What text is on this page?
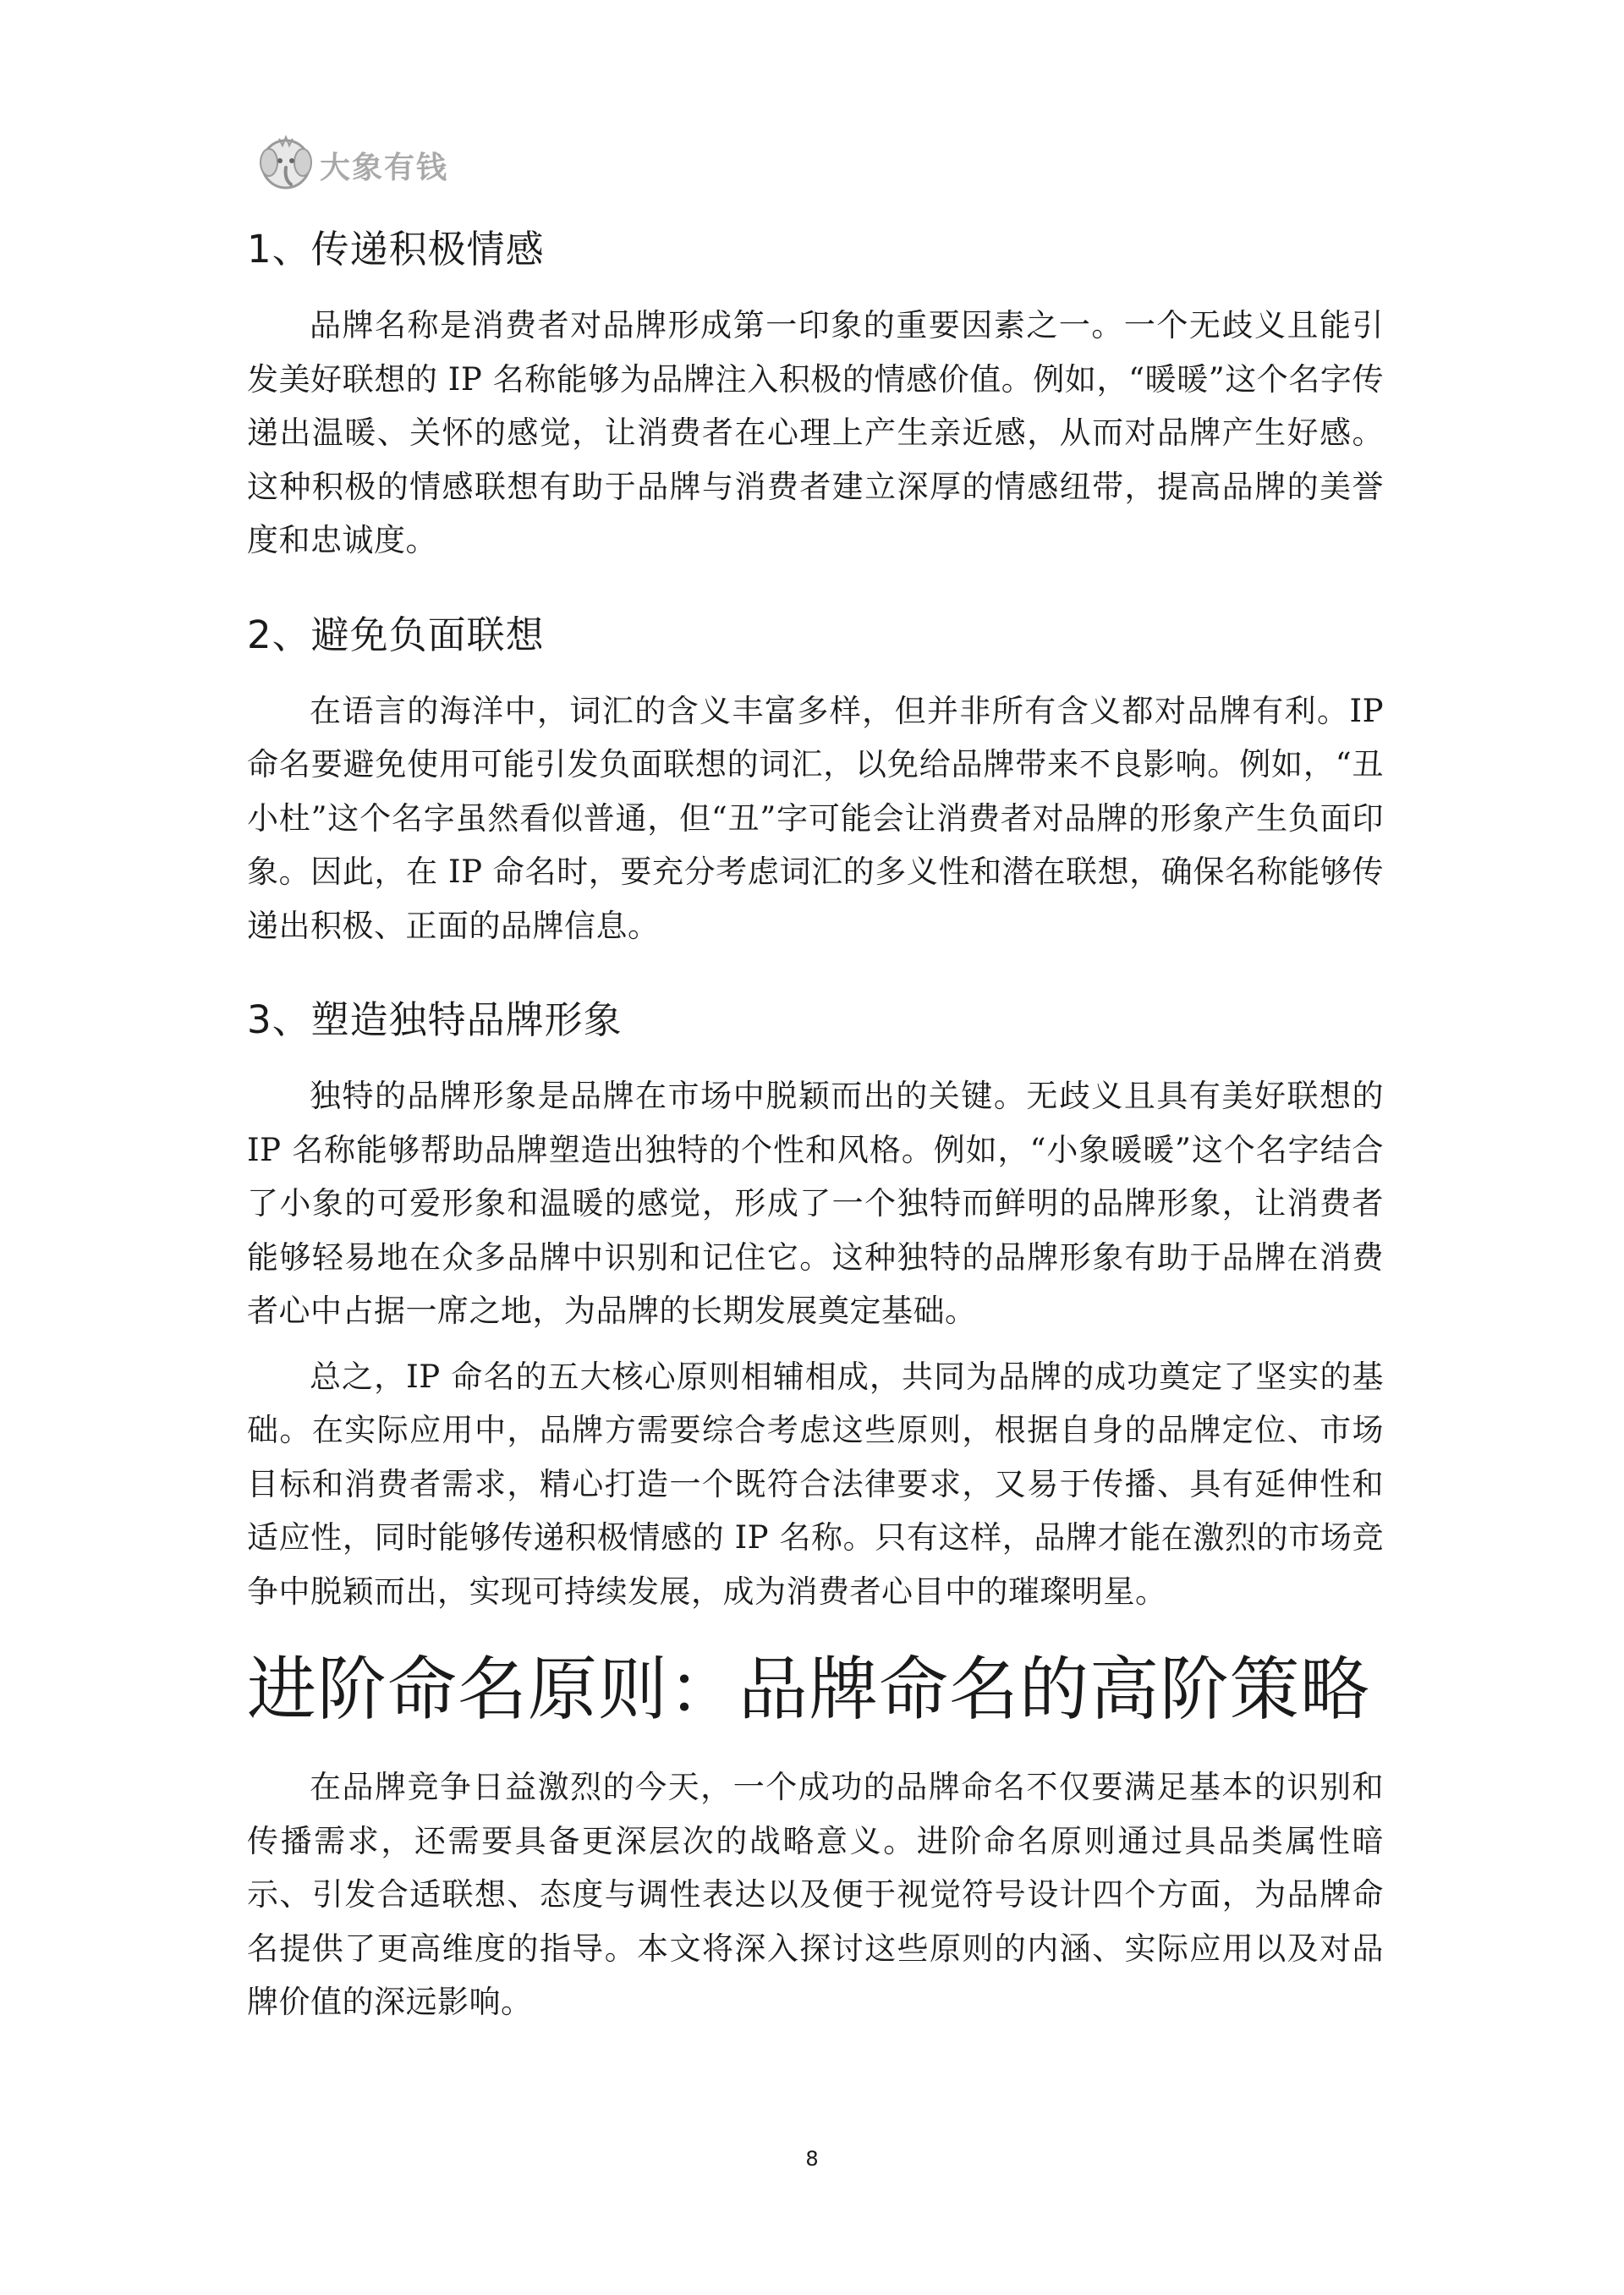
大象有钱
1、传递积极情感

品牌名称是消费者对品牌形成第一印象的重要因素之一。一个无歧义且能引发美好联想的 IP 名称能够为品牌注入积极的情感价值。例如，“暖暖”这个名字传递出温暖、关怀的感觉，让消费者在心理上产生亲近感，从而对品牌产生好感。这种积极的情感联想有助于品牌与消费者建立深厚的情感纽带，提高品牌的美誉度和忠诚度。

2、避免负面联想

在语言的海洋中，词汇的含义丰富多样，但并非所有含义都对品牌有利。IP 命名要避免使用可能引发负面联想的词汇，以免给品牌带来不良影响。例如，“丑小杜”这个名字虽然看似普通，但“丑”字可能会让消费者对品牌的形象产生负面印象。因此，在 IP 命名时，要充分考虑词汇的多义性和潜在联想，确保名称能够传递出积极、正面的品牌信息。

3、塑造独特品牌形象

独特的品牌形象是品牌在市场中脱颖而出的关键。无歧义且具有美好联想的 IP 名称能够帮助品牌塑造出独特的个性和风格。例如，“小象暖暖”这个名字结合了小象的可爱形象和温暖的感觉，形成了一个独特而鲜明的品牌形象，让消费者能够轻易地在众多品牌中识别和记住它。这种独特的品牌形象有助于品牌在消费者心中占据一席之地，为品牌的长期发展奠定基础。

总之，IP 命名的五大核心原则相辅相成，共同为品牌的成功奠定了坚实的基础。在实际应用中，品牌方需要综合考虑这些原则，根据自身的品牌定位、市场目标和消费者需求，精心打造一个既符合法律要求，又易于传播、具有延伸性和适应性，同时能够传递积极情感的 IP 名称。只有这样，品牌才能在激烈的市场竞争中脱颖而出，实现可持续发展，成为消费者心目中的璀璨明星。

进阶命名原则：品牌命名的高阶策略

在品牌竞争日益激烈的今天，一个成功的品牌命名不仅要满足基本的识别和传播需求，还需要具备更深层次的战略意义。进阶命名原则通过具品类属性暗示、引发合适联想、态度与调性表达以及便于视觉符号设计四个方面，为品牌命名提供了更高维度的指导。本文将深入探讨这些原则的内涵、实际应用以及对品牌价值的深远影响。

8
